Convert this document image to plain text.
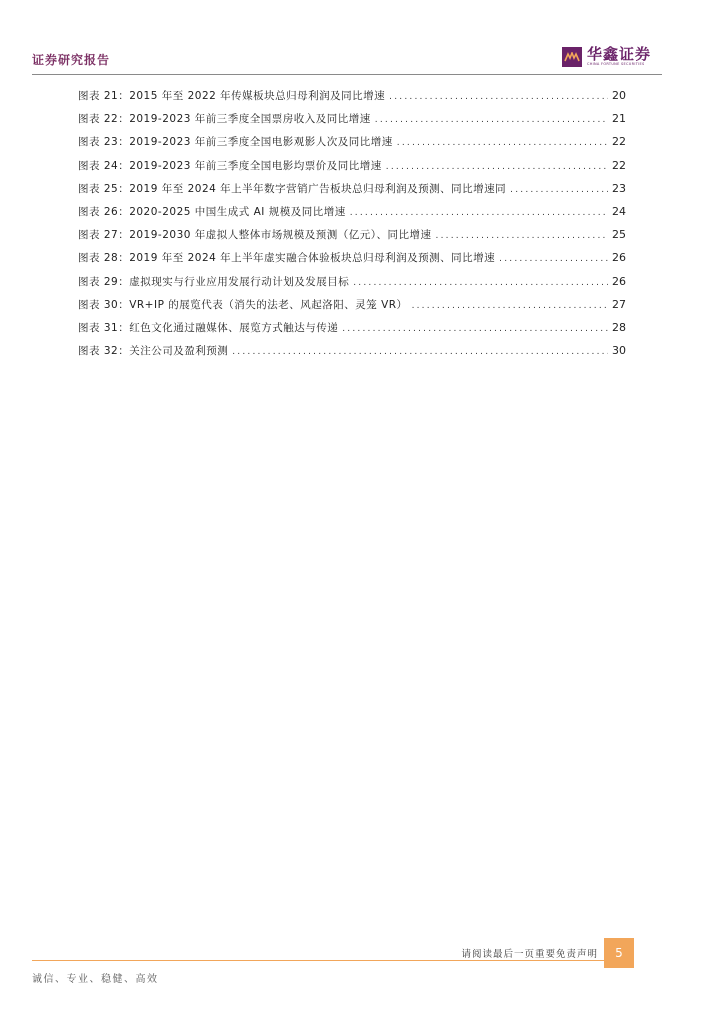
证券研究报告	华鑫证券
CHINA FORTUNE SECURITIES
图表 21：2015 年至 2022 年传媒板块总归母利润及同比增速 .....	20
图表 22：2019-2023 年前三季度全国票房收入及同比增速 .....	21
图表 23：2019-2023 年前三季度全国电影观影人次及同比增速 .....	22
图表 24：2019-2023 年前三季度全国电影均票价及同比增速 .....	22
图表 25：2019 年至 2024 年上半年数字营销广告板块总归母利润及预测、同比增速同 .....	23
图表 26：2020-2025 中国生成式 AI 规模及同比增速 .....	24
图表 27：2019-2030 年虚拟人整体市场规模及预测（亿元）、同比增速 .....	25
图表 28：2019 年至 2024 年上半年虚实融合体验板块总归母利润及预测、同比增速 .....	26
图表 29：虚拟现实与行业应用发展行动计划及发展目标 .....	26
图表 30：VR+IP 的展览代表（消失的法老、风起洛阳、灵笼 VR） .....	27
图表 31：红色文化通过融媒体、展览方式触达与传递 .....	28
图表 32：关注公司及盈利预测 .....	30
请阅读最后一页重要免责声明	5
诚信、专业、稳健、高效
